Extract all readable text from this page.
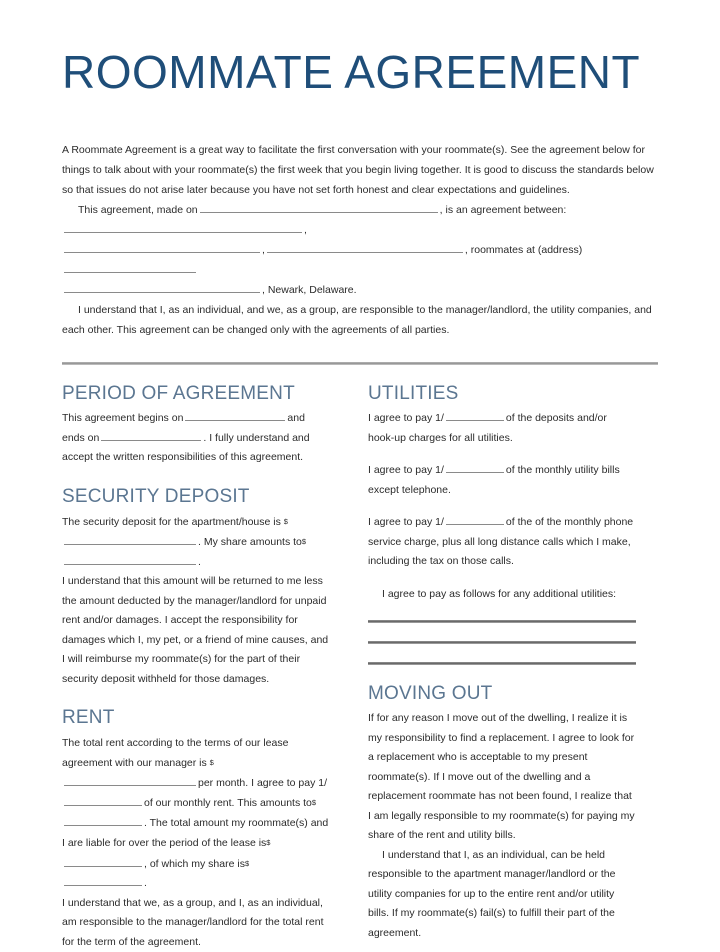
ROOMMATE AGREEMENT

A Roommate Agreement is a great way to facilitate the first conversation with your roommate(s). See the agreement below for things to talk about with your roommate(s) the first week that you begin living together. It is good to discuss the standards below so that issues do not arise later because you have not set forth honest and clear expectations and guidelines.

This agreement, made on	, is an agreement between:,

,	, roommates at (address)

, Newark, Delaware.

I understand that I, as an individual, and we, as a group, are responsible to the manager/landlord, the utility companies, and each other. This agreement can be changed only with the agreements of all parties.

PERIOD OF AGREEMENT

This agreement begins on	and ends on	. I fully understand and accept the written responsibilities of this agreement.

SECURITY DEPOSIT

The security deposit for the apartment/house is $. My share amounts to$.

I understand that this amount will be returned to me less the amount deducted by the manager/landlord for unpaid rent and/or damages. I accept the responsibility for damages which I, my pet, or a friend of mine causes, and I will reimburse my roommate(s) for the part of their security deposit withheld for those damages.

RENT

The total rent according to the terms of our lease agreement with our manager is $per month. I agree to pay 1/of our monthly rent. This amounts to$. The total amount my roommate(s) and I are liable for over the period of the lease is$, of which my share is$.

I understand that we, as a group, and I, as an individual, am responsible to the manager/landlord for the total rent for the term of the agreement.

UTILITIES

I agree to pay 1/	of the deposits and/or hook-up charges for all utilities.

I agree to pay 1/	of the monthly utility bills except telephone.

I agree to pay 1/	of the of the monthly phone service charge, plus all long distance calls which I make, including the tax on those calls.

I agree to pay as follows for any additional utilities:

MOVING OUT

If for any reason I move out of the dwelling, I realize it is my responsibility to find a replacement. I agree to look for a replacement who is acceptable to my present roommate(s). If I move out of the dwelling and a replacement roommate has not been found, I realize that I am legally responsible to my roommate(s) for paying my share of the rent and utility bills.

I understand that I, as an individual, can be held responsible to the apartment manager/landlord or the utility companies for up to the entire rent and/or utility bills. If my roommate(s) fail(s) to fulfill their part of the agreement.
